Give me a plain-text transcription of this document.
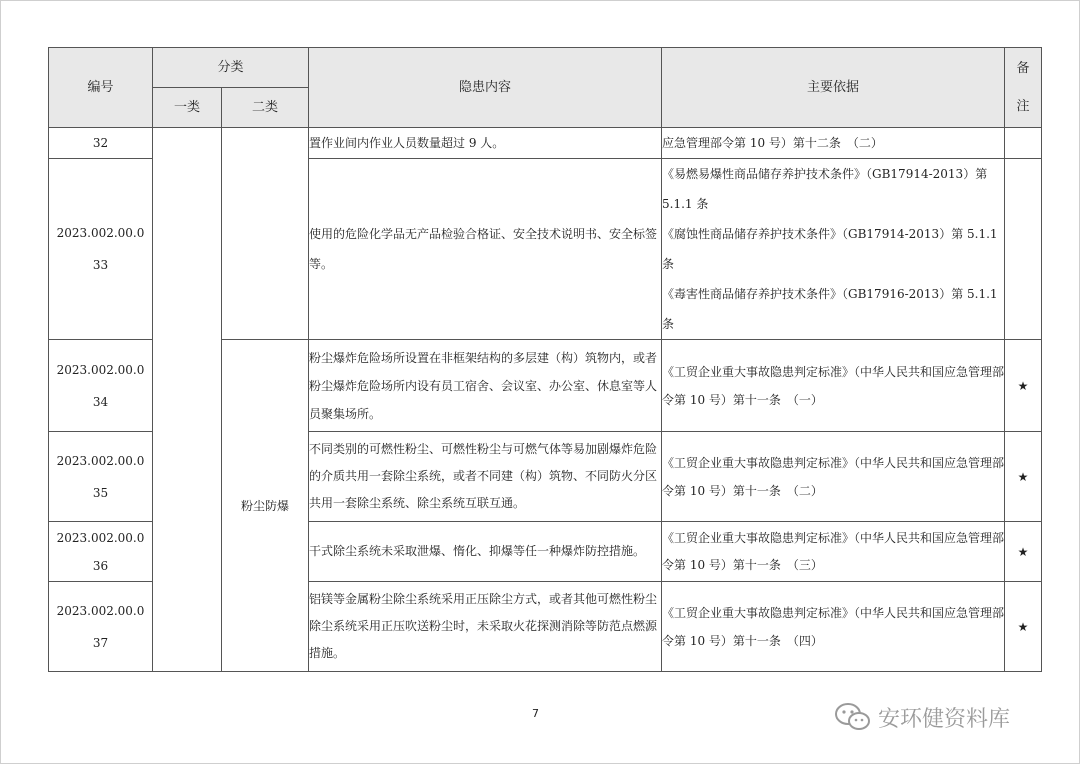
编号	分类		隐患内容	主要依据	备注

	一类	二类			
32			置作业间内作业人员数量超过 9 人。	应急管理部令第 10 号）第十二条　（二）	

2023.002.00.0 33			使用的危险化学品无产品检验合格证、安全技术说明书、安全标签等。	《易燃易爆性商品储存养护技术条件》（GB17914-2013）第 5.1.1 条
《腐蚀性商品储存养护技术条件》（GB17914-2013）第 5.1.1 条
《毒害性商品储存养护技术条件》（GB17916-2013）第 5.1.1 条	

2023.002.00.0 34		粉尘防爆	粉尘爆炸危险场所设置在非框架结构的多层建（构）筑物内，或者粉尘爆炸危险场所内设有员工宿舍、会议室、办公室、休息室等人员聚集场所。	《工贸企业重大事故隐患判定标准》（中华人民共和国应急管理部令第 10 号）第十一条　（一）	★

2023.002.00.0 35			不同类别的可燃性粉尘、可燃性粉尘与可燃气体等易加剧爆炸危险的介质共用一套除尘系统，或者不同建（构）筑物、不同防火分区共用一套除尘系统、除尘系统互联互通。	《工贸企业重大事故隐患判定标准》（中华人民共和国应急管理部令第 10 号）第十一条　（二）	★

2023.002.00.0 36			干式除尘系统未采取泄爆、惰化、抑爆等任一种爆炸防控措施。	《工贸企业重大事故隐患判定标准》（中华人民共和国应急管理部令第 10 号）第十一条　（三）	★

2023.002.00.0 37			铝镁等金属粉尘除尘系统采用正压除尘方式，或者其他可燃性粉尘除尘系统采用正压吹送粉尘时，未采取火花探测消除等防范点燃源措施。	《工贸企业重大事故隐患判定标准》（中华人民共和国应急管理部令第 10 号）第十一条　（四）	★
7	安环健资料库
